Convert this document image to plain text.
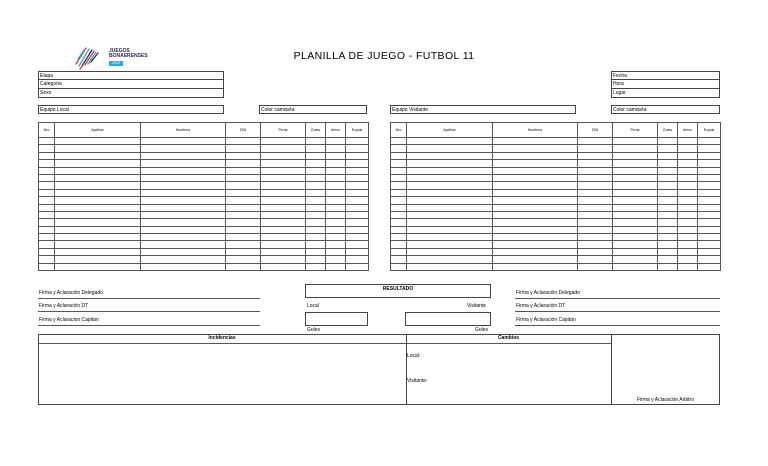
JUEGOS
BONAERENSES
2023
PLANILLA DE JUEGO - FUTBOL 11
Etapa
Categoria
Sexo
Fecha
Hora
Lugar
Equipo Local	Color camiseta	Equipo Visitante	Color camiseta
Nro	Apellido	Nombres	DNI	Firma	Goles	Amon	Expuls

								Nro	Apellido	Nombres	DNI	Firma	Goles	Amon	Expuls

Firma y Aclaración Delegado
Firma y Aclaración DT
Firma y Aclaracion Capitán
RESULTADO
Local	Visitante
Goles	Goles
Firma y Aclaración Delegado
Firma y Aclaración DT
Firma y Aclaración Capitán
Incidencias	Cambios
Local:
Visitante:
Firma y Aclaración Arbitro
